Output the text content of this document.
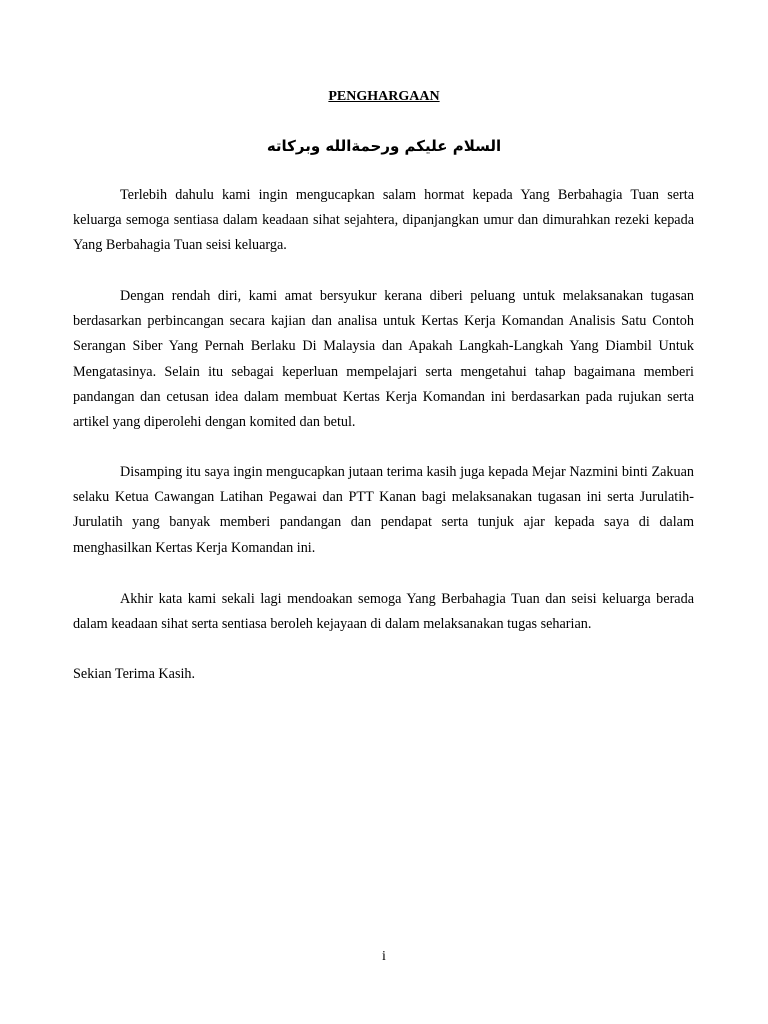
PENGHARGAAN
السلام عليكم ورحمةالله وبركاته

Terlebih dahulu kami ingin mengucapkan salam hormat kepada Yang Berbahagia Tuan serta keluarga semoga sentiasa dalam keadaan sihat sejahtera, dipanjangkan umur dan dimurahkan rezeki kepada Yang Berbahagia Tuan seisi keluarga.

Dengan rendah diri, kami amat bersyukur kerana diberi peluang untuk melaksanakan tugasan berdasarkan perbincangan secara kajian dan analisa untuk Kertas Kerja Komandan Analisis Satu Contoh Serangan Siber Yang Pernah Berlaku Di Malaysia dan Apakah Langkah-Langkah Yang Diambil Untuk Mengatasinya. Selain itu sebagai keperluan mempelajari serta mengetahui tahap bagaimana memberi pandangan dan cetusan idea dalam membuat Kertas Kerja Komandan ini berdasarkan pada rujukan serta artikel yang diperolehi dengan komited dan betul.

Disamping itu saya ingin mengucapkan jutaan terima kasih juga kepada Mejar Nazmini binti Zakuan selaku Ketua Cawangan Latihan Pegawai dan PTT Kanan bagi melaksanakan tugasan ini serta Jurulatih-Jurulatih yang banyak memberi pandangan dan pendapat serta tunjuk ajar kepada saya di dalam menghasilkan Kertas Kerja Komandan ini.

Akhir kata kami sekali lagi mendoakan semoga Yang Berbahagia Tuan dan seisi keluarga berada dalam keadaan sihat serta sentiasa beroleh kejayaan di dalam melaksanakan tugas seharian.

Sekian Terima Kasih.

i
